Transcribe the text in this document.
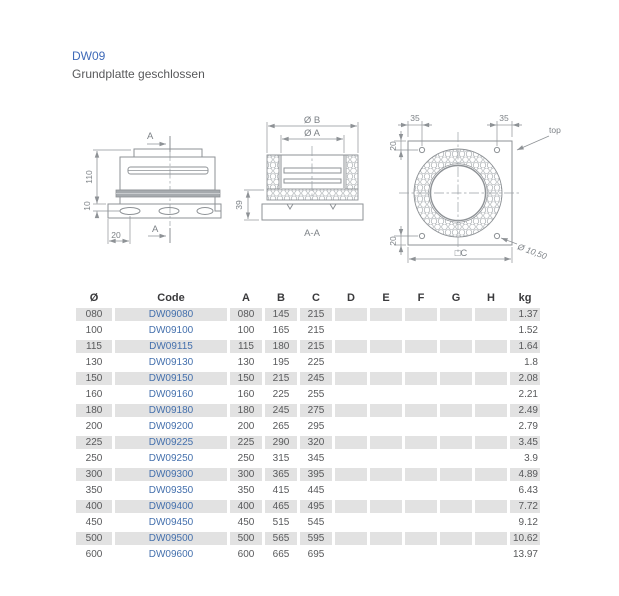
DW09
Grundplatte geschlossen
A
110
10
20	A
Ø B
Ø A
39
A-A
35	35
20
20
□C	Ø 10,50
top
Ø	Code	A	B	C	D	E	F	G	H	kg
080	DW09080	080	145	215						1.37
100	DW09100	100	165	215						1.52
115	DW09115	115	180	215						1.64
130	DW09130	130	195	225						1.8
150	DW09150	150	215	245						2.08
160	DW09160	160	225	255						2.21
180	DW09180	180	245	275						2.49
200	DW09200	200	265	295						2.79
225	DW09225	225	290	320						3.45
250	DW09250	250	315	345						3.9
300	DW09300	300	365	395						4.89
350	DW09350	350	415	445						6.43
400	DW09400	400	465	495						7.72
450	DW09450	450	515	545						9.12
500	DW09500	500	565	595						10.62
600	DW09600	600	665	695						13.97
